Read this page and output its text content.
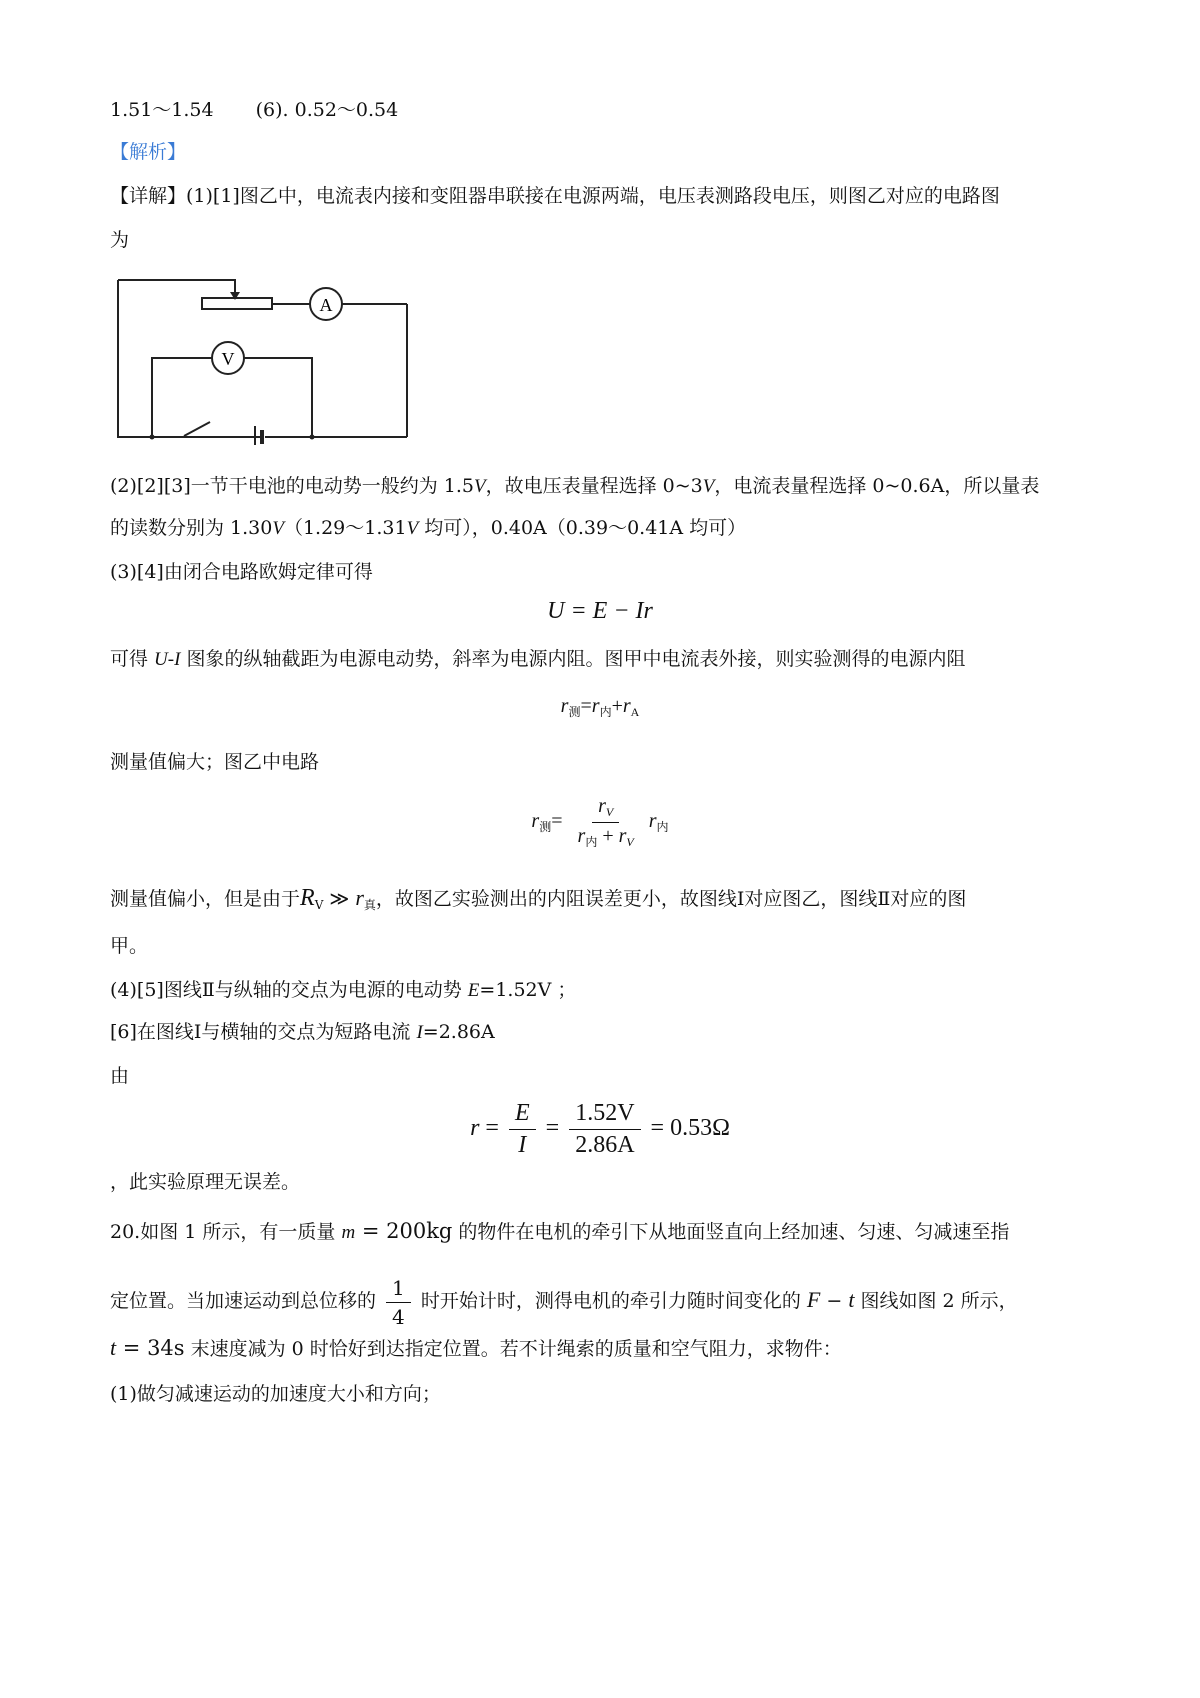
1.51～1.54 (6). 0.52～0.54
【解析】
【详解】(1)[1]图乙中，电流表内接和变阻器串联接在电源两端，电压表测路段电压，则图乙对应的电路图
为
A
V
(2)[2][3]一节干电池的电动势一般约为 1.5V，故电压表量程选择 0~3V，电流表量程选择 0~0.6A，所以量表
的读数分别为 1.30V（1.29～1.31V 均可），0.40A（0.39～0.41A 均可）
(3)[4]由闭合电路欧姆定律可得
U = E − Ir
可得 U-I 图象的纵轴截距为电源电动势，斜率为电源内阻。图甲中电流表外接，则实验测得的电源内阻
$r_测=r_内+r_A$
测量值偏大；图乙中电路
$r_测= \frac{r_V}{r_内 + r_V} r_内$
测量值偏小，但是由于$R_V$ ≫ $r_真$，故图乙实验测出的内阻误差更小，故图线Ⅰ对应图乙，图线Ⅱ对应的图
甲。
(4)[5]图线Ⅱ与纵轴的交点为电源的电动势 E=1.52V ；
[6]在图线Ⅰ与横轴的交点为短路电流 I=2.86A
由
$r = \frac{E}{I} = \frac{1.52V}{2.86A} = 0.53\Omega$
，此实验原理无误差。
20.如图 1 所示，有一质量 m = 200kg 的物件在电机的牵引下从地面竖直向上经加速、匀速、匀减速至指
定位置。当加速运动到总位移的 $\frac{1}{4}$ 时开始计时，测得电机的牵引力随时间变化的 F − t 图线如图 2 所示，
t = 34s 末速度减为 0 时恰好到达指定位置。若不计绳索的质量和空气阻力，求物件：
(1)做匀减速运动的加速度大小和方向；
